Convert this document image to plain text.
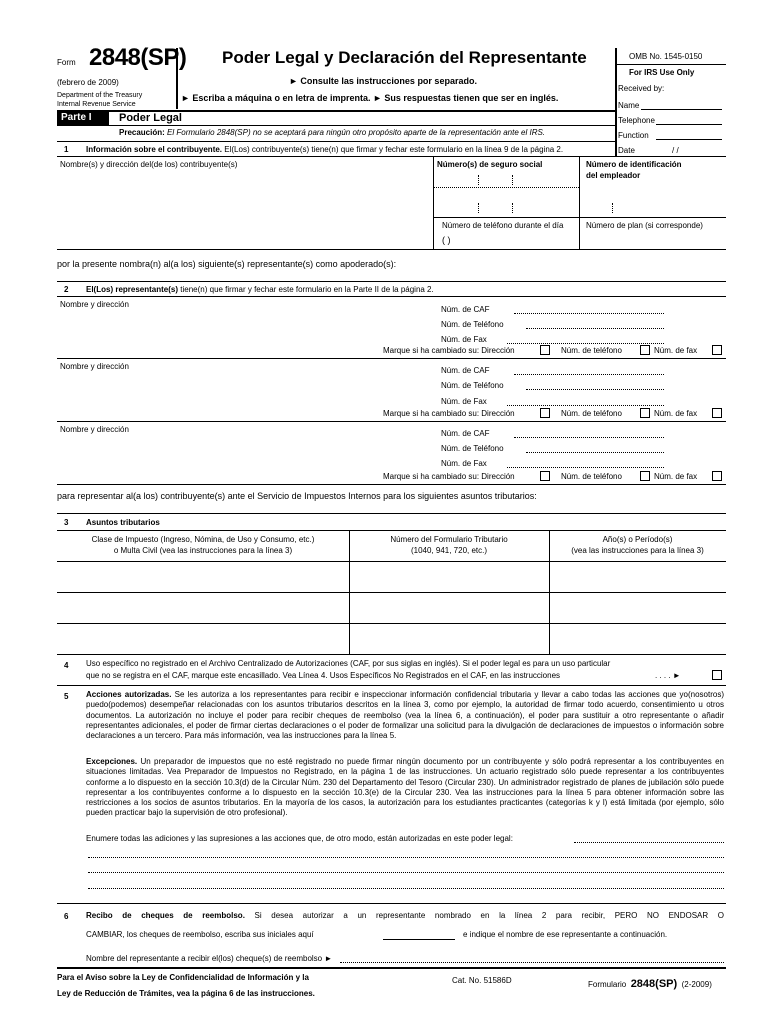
Form 2848(SP)
(febrero de 2009)
Department of the Treasury
Internal Revenue Service
Poder Legal y Declaración del Representante
► Consulte las instrucciones por separado.
► Escriba a máquina o en letra de imprenta. ► Sus respuestas tienen que ser en inglés.
OMB No. 1545-0150
For IRS Use Only
Received by:
Name
Telephone
Function
Date	/ /
Parte I	Poder Legal
Precaución: El Formulario 2848(SP) no se aceptará para ningún otro propósito aparte de la representación ante el IRS.
1 Información sobre el contribuyente. El(Los) contribuyente(s) tiene(n) que firmar y fechar este formulario en la línea 9 de la página 2.
Nombre(s) y dirección del(de los) contribuyente(s)	Número(s) de seguro social	Número de identificación
del empleador
Número de teléfono durante el día	Número de plan (si corresponde)
( )
por la presente nombra(n) al(a los) siguiente(s) representante(s) como apoderado(s):
2 El(Los) representante(s) tiene(n) que firmar y fechar este formulario en la Parte II de la página 2.
Nombre y dirección
Núm. de CAF
Núm. de Teléfono
Núm. de Fax
Marque si ha cambiado su: Dirección	Núm. de teléfono	Núm. de fax
Nombre y dirección	Núm. de CAF
Núm. de Teléfono
Núm. de Fax
Marque si ha cambiado su: Dirección	Núm. de teléfono	Núm. de fax
Nombre y dirección	Núm. de CAF
Núm. de Teléfono
Núm. de Fax
Marque si ha cambiado su: Dirección	Núm. de teléfono	Núm. de fax
para representar al(a los) contribuyente(s) ante el Servicio de Impuestos Internos para los siguientes asuntos tributarios:
3 Asuntos tributarios
Clase de Impuesto (Ingreso, Nómina, de Uso y Consumo, etc.)
o Multa Civil (vea las instrucciones para la línea 3)
Número del Formulario Tributario
(1040, 941, 720, etc.)
Año(s) o Período(s)
(vea las instrucciones para la línea 3)
4 Uso específico no registrado en el Archivo Centralizado de Autorizaciones (CAF, por sus siglas en inglés). Si el poder legal es para un uso particular
que no se registra en el CAF, marque este encasillado. Vea Línea 4. Usos Específicos No Registrados en el CAF, en las instrucciones	. . . . ►
5 Acciones autorizadas. Se les autoriza a los representantes para recibir e inspeccionar información confidencial tributaria y llevar a cabo todas las acciones que yo(nosotros) puedo(podemos) desempeñar relacionadas con los asuntos tributarios descritos en la línea 3, como por ejemplo, la autoridad de firmar todo acuerdo, consentimiento u otros documentos. La autorización no incluye el poder para recibir cheques de reembolso (vea la línea 6, a continuación), el poder para sustituir a otro representante o añadir representantes adicionales, el poder de firmar ciertas declaraciones o el poder de formalizar una solicitud para la divulgación de declaraciones de impuestos o información sobre declaraciones a un tercero. Para más información, vea las instrucciones para la línea 5.
Excepciones. Un preparador de impuestos que no esté registrado no puede firmar ningún documento por un contribuyente y sólo podrá representar a los contribuyentes en situaciones limitadas. Vea Preparador de Impuestos no Registrado, en la página 1 de las instrucciones. Un actuario registrado sólo puede representar a los contribuyentes conforme a lo dispuesto en la sección 10.3(d) de la Circular Núm. 230 del Departamento del Tesoro (Circular 230). Un administrador registrado de planes de jubilación sólo puede representar a los contribuyentes conforme a lo dispuesto en la sección 10.3(e) de la Circular 230. Vea las instrucciones para la línea 5 para obtener información sobre las restricciones a los socios de asuntos tributarios. En la mayoría de los casos, la autorización para los estudiantes practicantes (categorías k y l) está limitada (por ejemplo, sólo pueden practicar bajo la supervisión de otro profesional).
Enumere todas las adiciones y las supresiones a las acciones que, de otro modo, están autorizadas en este poder legal:
6 Recibo de cheques de reembolso. Si desea autorizar a un representante nombrado en la línea 2 para recibir, PERO NO ENDOSAR O
CAMBIAR, los cheques de reembolso, escriba sus iniciales aquí	e indique el nombre de ese representante a continuación.
Nombre del representante a recibir el(los) cheque(s) de reembolso ►
Para el Aviso sobre la Ley de Confidencialidad de Información y la
Ley de Reducción de Trámites, vea la página 6 de las instrucciones.
Cat. No. 51586D	Formulario 2848(SP) (2-2009)
